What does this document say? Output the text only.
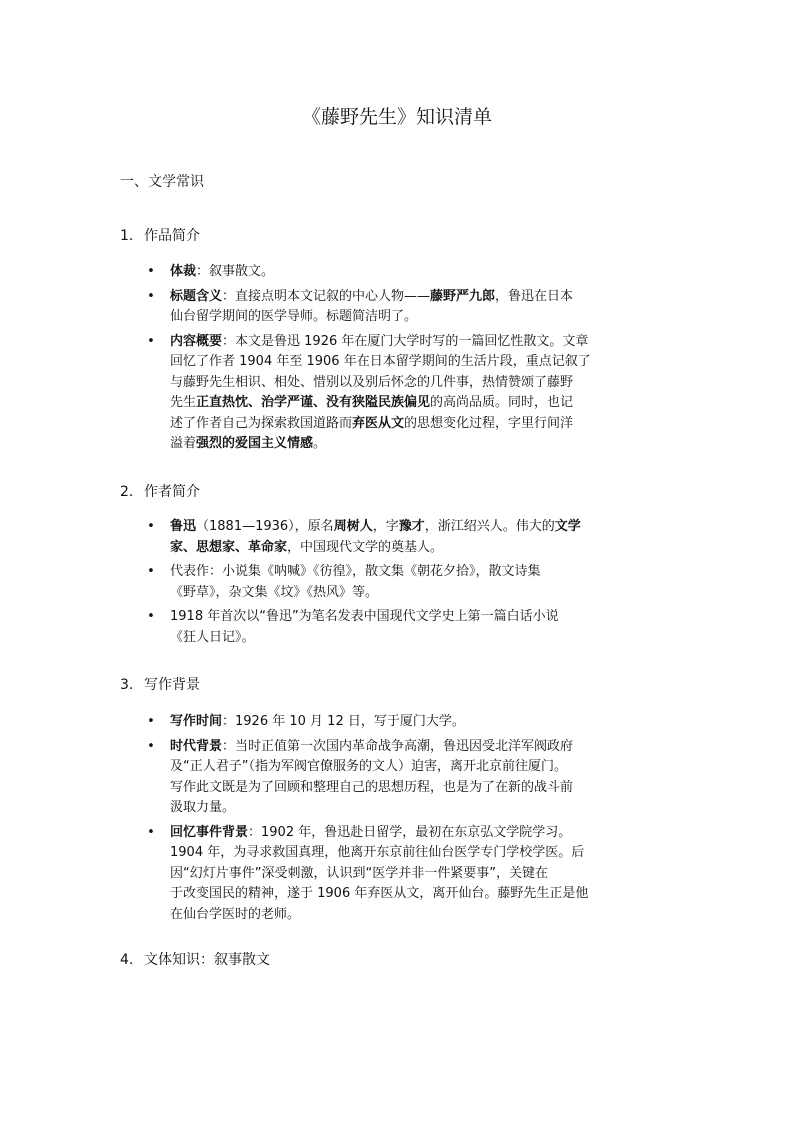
《藤野先生》知识清单
一、文学常识
1. 作品简介
• 体裁：叙事散文。
• 标题含义：直接点明本文记叙的中心人物——藤野严九郎，鲁迅在日本
仙台留学期间的医学导师。标题简洁明了。
• 内容概要：本文是鲁迅 1926 年在厦门大学时写的一篇回忆性散文。文章
回忆了作者 1904 年至 1906 年在日本留学期间的生活片段，重点记叙了
与藤野先生相识、相处、惜别以及别后怀念的几件事，热情赞颂了藤野
先生正直热忱、治学严谨、没有狭隘民族偏见的高尚品质。同时，也记
述了作者自己为探索救国道路而弃医从文的思想变化过程，字里行间洋
溢着强烈的爱国主义情感。
2. 作者简介
• 鲁迅（1881—1936），原名周树人，字豫才，浙江绍兴人。伟大的文学
家、思想家、革命家，中国现代文学的奠基人。
• 代表作：小说集《呐喊》《彷徨》，散文集《朝花夕拾》，散文诗集
《野草》，杂文集《坟》《热风》等。
• 1918 年首次以“鲁迅”为笔名发表中国现代文学史上第一篇白话小说
《狂人日记》。
3. 写作背景
• 写作时间：1926 年 10 月 12 日，写于厦门大学。
• 时代背景：当时正值第一次国内革命战争高潮，鲁迅因受北洋军阀政府
及“正人君子”（指为军阀官僚服务的文人）迫害，离开北京前往厦门。
写作此文既是为了回顾和整理自己的思想历程，也是为了在新的战斗前
汲取力量。
• 回忆事件背景：1902 年，鲁迅赴日留学，最初在东京弘文学院学习。
1904 年，为寻求救国真理，他离开东京前往仙台医学专门学校学医。后
因“幻灯片事件”深受刺激，认识到“医学并非一件紧要事”，关键在
于改变国民的精神，遂于 1906 年弃医从文，离开仙台。藤野先生正是他
在仙台学医时的老师。
4. 文体知识：叙事散文
